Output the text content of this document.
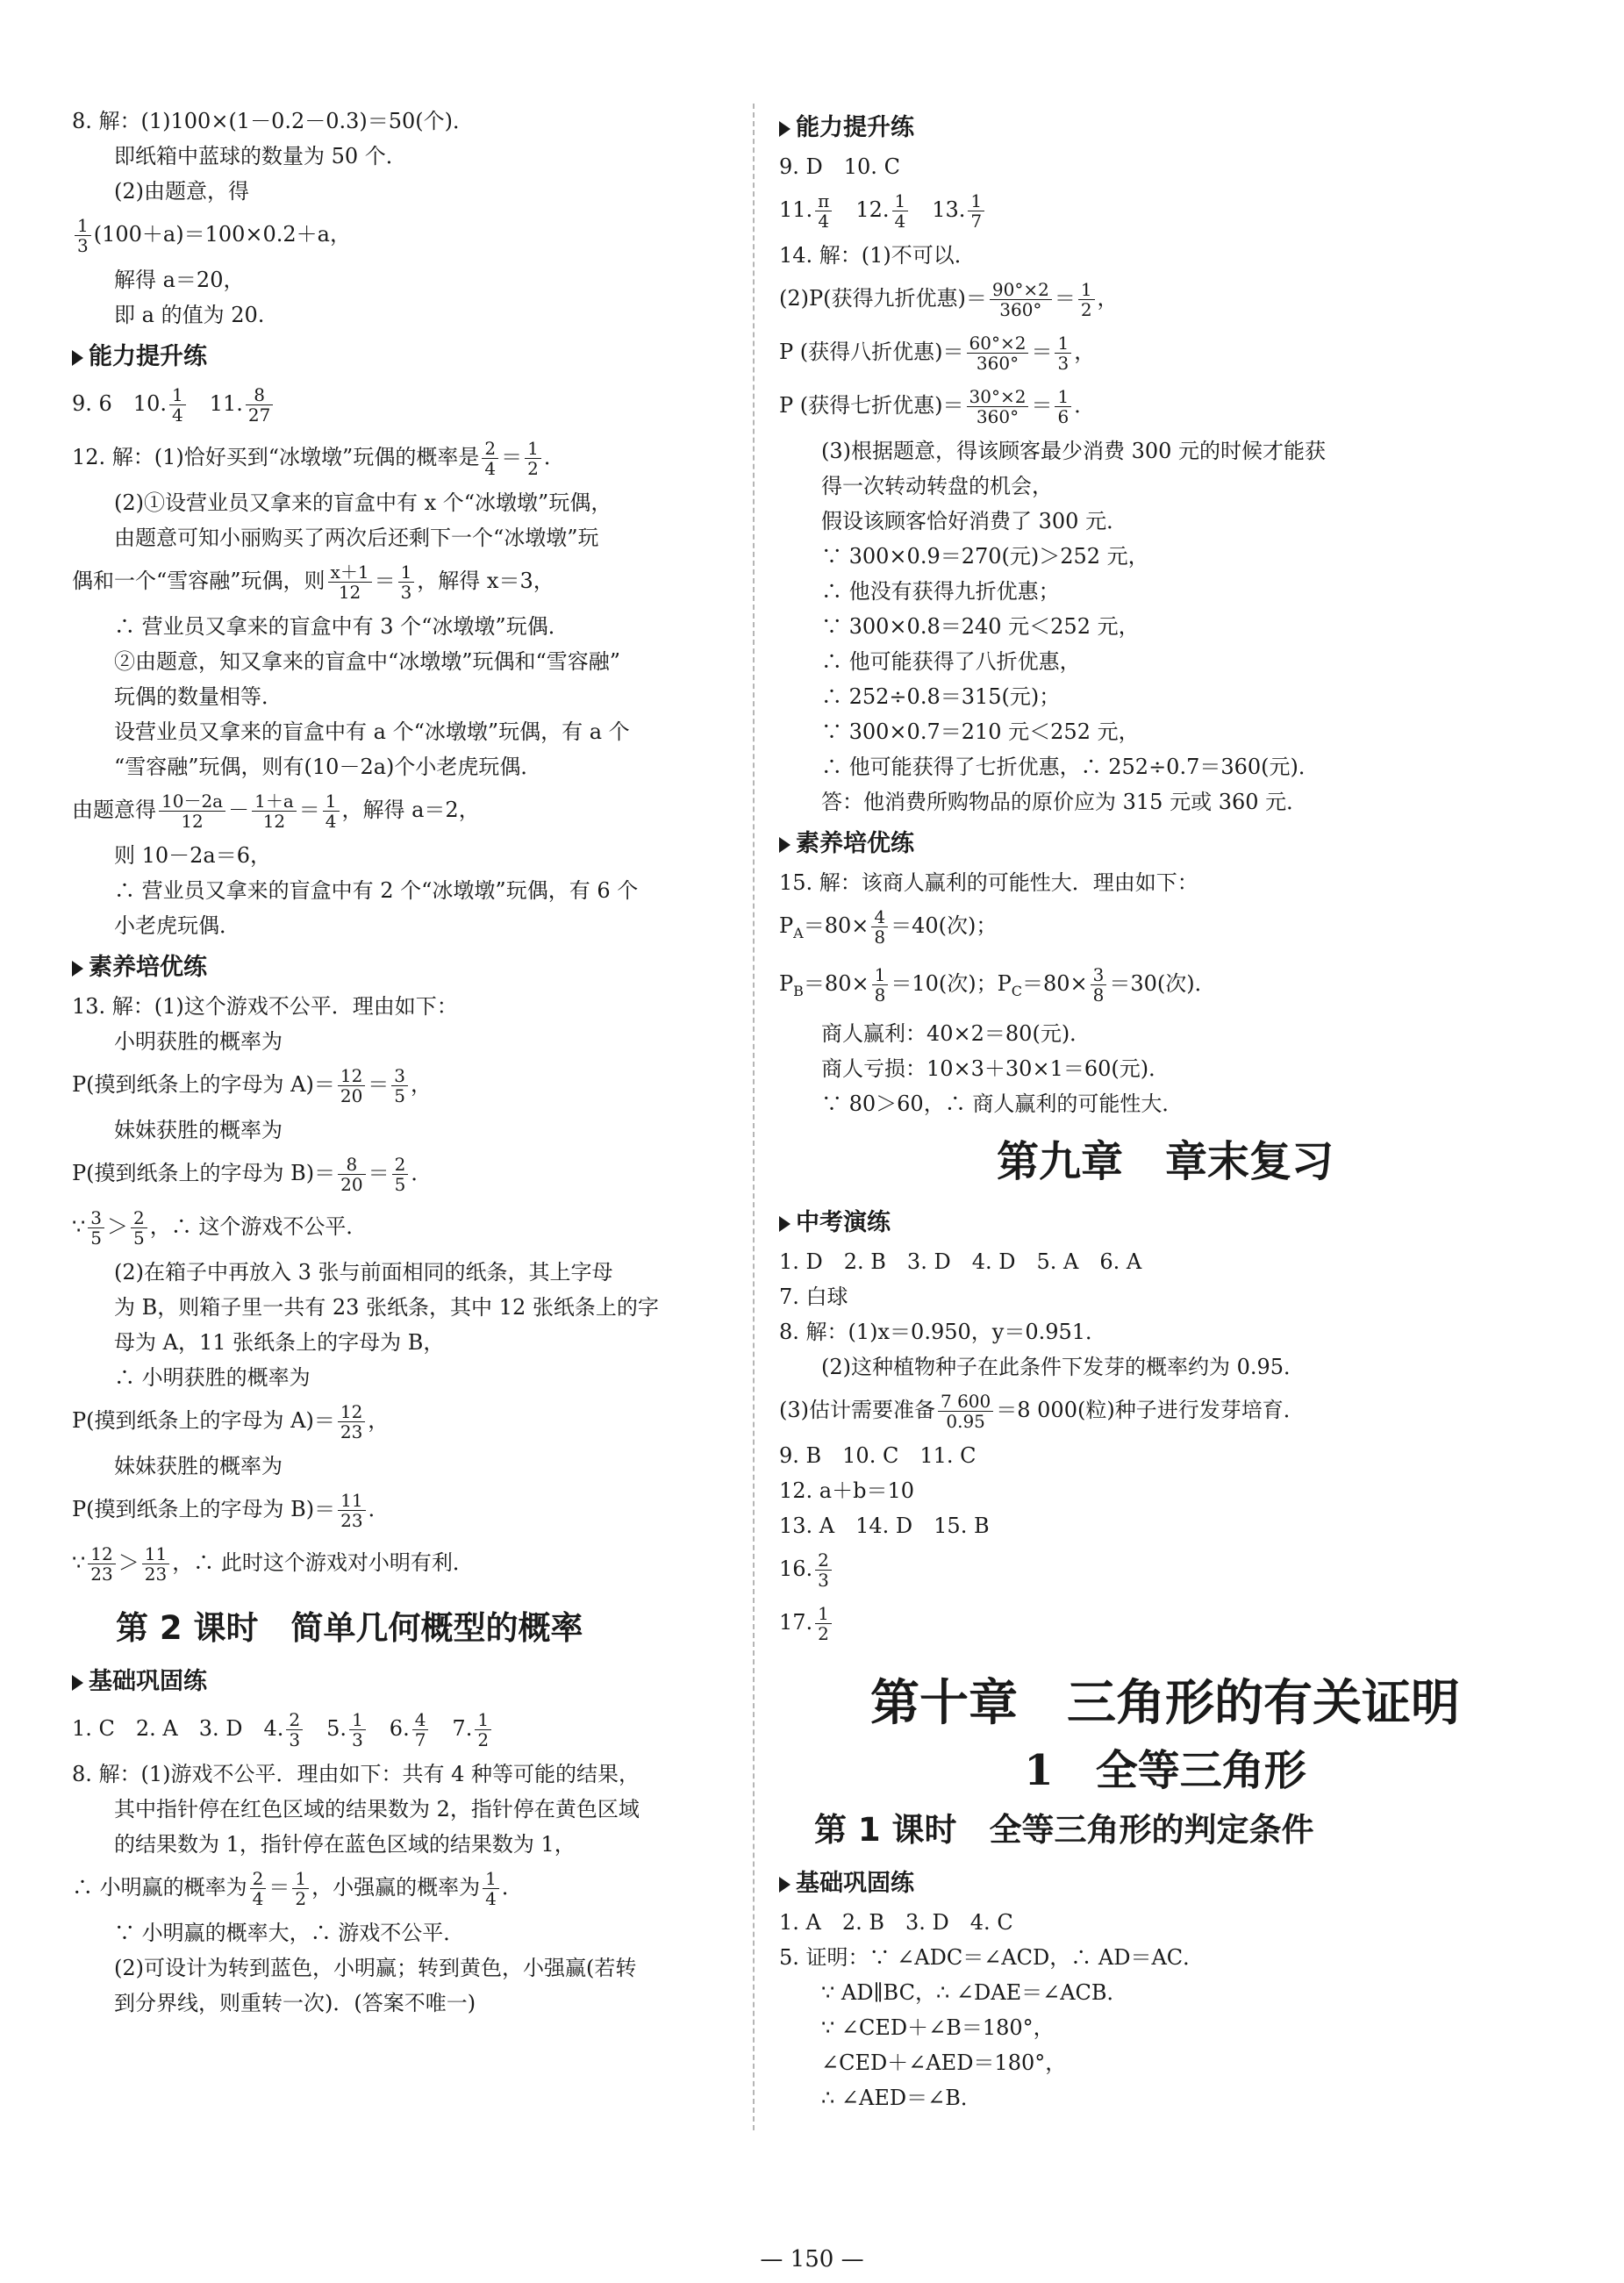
8. 解：(1)100×(1－0.2－0.3)＝50(个)．
即纸箱中蓝球的数量为 50 个．
(2)由题意，得
$\frac{1}{3} (100+a)=100\times 0.2+a$，
解得 a＝20，
即 a 的值为 20.
能力提升练
9. 6　10. $\frac{1}{4}$ 　11. $\frac{8}{27}$
12. 解：(1)恰好买到“冰墩墩”玩偶的概率是 $\frac{2}{4} = \frac{1}{2}$ ．
(2)①设营业员又拿来的盲盒中有 x 个“冰墩墩”玩偶，
由题意可知小丽购买了两次后还剩下一个“冰墩墩”玩
偶和一个“雪容融”玩偶，则 $\frac{x+1}{12} = \frac{1}{3}$ ，解得 x＝3，
∴ 营业员又拿来的盲盒中有 3 个“冰墩墩”玩偶．
②由题意，知又拿来的盲盒中“冰墩墩”玩偶和“雪容融”
玩偶的数量相等．
设营业员又拿来的盲盒中有 a 个“冰墩墩”玩偶，有 a 个
“雪容融”玩偶，则有(10－2a)个小老虎玩偶．
由题意得 $\frac{10-2a}{12} - \frac{1+a}{12} = \frac{1}{4}$ ，解得 a＝2，
则 10－2a＝6，
∴ 营业员又拿来的盲盒中有 2 个“冰墩墩”玩偶，有 6 个
小老虎玩偶．
素养培优练
13. 解：(1)这个游戏不公平．理由如下：
小明获胜的概率为
P(摸到纸条上的字母为 $A)= \frac{12}{20} = \frac{3}{5}$ ，
妹妹获胜的概率为
P(摸到纸条上的字母为 $B)= \frac{8}{20} = \frac{2}{5}$ ．
∵ $\frac{3}{5} > \frac{2}{5}$ ，∴ 这个游戏不公平．
(2)在箱子中再放入 3 张与前面相同的纸条，其上字母
为 B，则箱子里一共有 23 张纸条，其中 12 张纸条上的字
母为 A，11 张纸条上的字母为 B，
∴ 小明获胜的概率为
P(摸到纸条上的字母为 $A)= \frac{12}{23}$ ，
妹妹获胜的概率为
P(摸到纸条上的字母为 $B)= \frac{11}{23}$ ．
∵ $\frac{12}{23} > \frac{11}{23}$ ，∴ 此时这个游戏对小明有利．
第 2 课时　简单几何概型的概率
基础巩固练
1. C　2. A　3. D　4. $\frac{2}{3}$ 　5. $\frac{1}{3}$ 　6. $\frac{4}{7}$ 　7. $\frac{1}{2}$
8. 解：(1)游戏不公平．理由如下：共有 4 种等可能的结果，
其中指针停在红色区域的结果数为 2，指针停在黄色区域
的结果数为 1，指针停在蓝色区域的结果数为 1，
∴ 小明赢的概率为 $\frac{2}{4} = \frac{1}{2}$ ，小强赢的概率为 $\frac{1}{4}$ ．
∵ 小明赢的概率大，∴ 游戏不公平．
(2)可设计为转到蓝色，小明赢；转到黄色，小强赢(若转
到分界线，则重转一次)．(答案不唯一)
能力提升练
9. D　10. C
11. $\frac{\pi}{4}$ 　12. $\frac{1}{4}$ 　13. $\frac{1}{7}$
14. 解：(1)不可以．
(2)P(获得九折优惠)＝ $\frac{90^\circ\times 2}{360^\circ} = \frac{1}{2}$ ，
P (获得八折优惠)＝ $\frac{60^\circ\times 2}{360^\circ} = \frac{1}{3}$ ，
P (获得七折优惠)＝ $\frac{30^\circ\times 2}{360^\circ} = \frac{1}{6}$ ．
(3)根据题意，得该顾客最少消费 300 元的时候才能获
得一次转动转盘的机会，
假设该顾客恰好消费了 300 元．
∵ 300×0.9＝270(元)＞252 元，
∴ 他没有获得九折优惠；
∵ 300×0.8＝240 元＜252 元，
∴ 他可能获得了八折优惠，
∴ 252÷0.8＝315(元)；
∵ 300×0.7＝210 元＜252 元，
∴ 他可能获得了七折优惠，∴ 252÷0.7＝360(元)．
答：他消费所购物品的原价应为 315 元或 360 元．
素养培优练
15. 解：该商人赢利的可能性大．理由如下：
$P_A=80\times \frac{4}{8} =40$(次)；
$P_B=80\times \frac{1}{8} =10$(次)；$P_C=80\times \frac{3}{8} =30$(次)．
商人赢利：40×2＝80(元)．
商人亏损：10×3＋30×1＝60(元)．
∵ 80＞60，∴ 商人赢利的可能性大．
第九章　章末复习
中考演练
1. D　2. B　3. D　4. D　5. A　6. A
7. 白球
8. 解：(1)x＝0.950，y＝0.951．
(2)这种植物种子在此条件下发芽的概率约为 0.95．
(3)估计需要准备 $\frac{7 600}{0.95} =8$ 000(粒)种子进行发芽培育．
9. B　10. C　11. C
12. a＋b＝10
13. A　14. D　15. B
16. $\frac{2}{3}$
17. $\frac{1}{2}$
第十章　三角形的有关证明
1　全等三角形
第 1 课时　全等三角形的判定条件
基础巩固练
1. A　2. B　3. D　4. C
5. 证明：∵ ∠ADC＝∠ACD，∴ AD＝AC．
∵ AD∥BC，∴ ∠DAE＝∠ACB．
∵ ∠CED＋∠B＝180°，
∠CED＋∠AED＝180°，
∴ ∠AED＝∠B．
— 150 —
